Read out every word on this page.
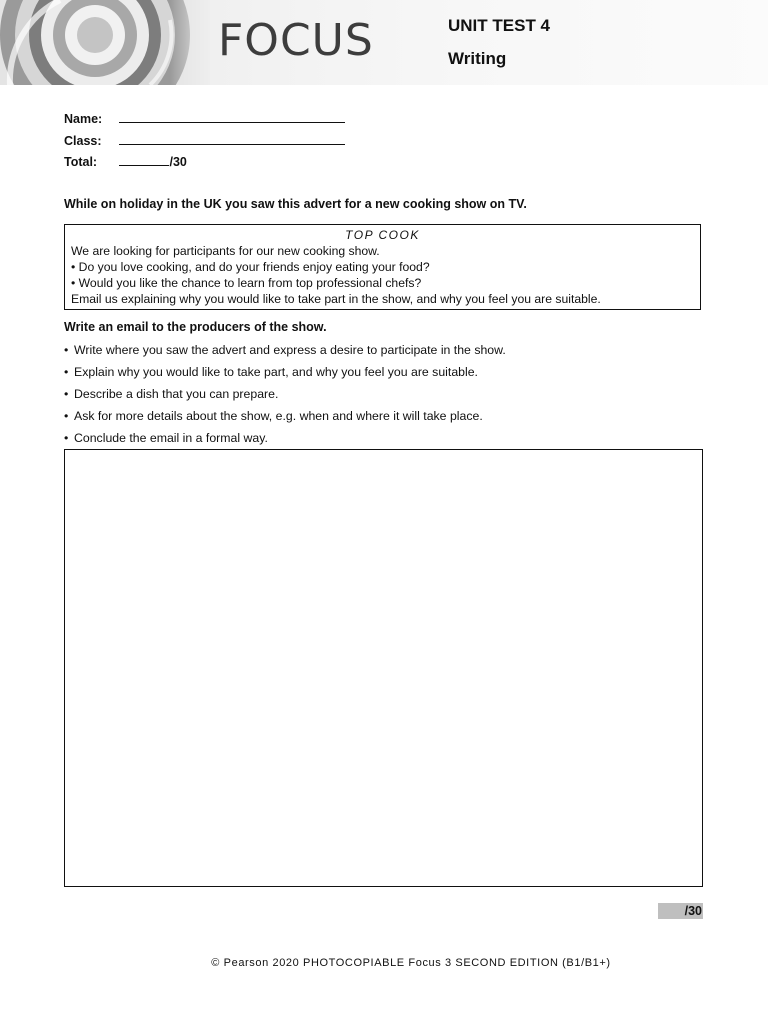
FOCUS	UNIT TEST 4
Writing
Name:
Class:
Total:	/30
While on holiday in the UK you saw this advert for a new cooking show on TV.
TOP COOK
We are looking for participants for our new cooking show.
• Do you love cooking, and do your friends enjoy eating your food?
• Would you like the chance to learn from top professional chefs?
Email us explaining why you would like to take part in the show, and why you feel you are suitable.
Write an email to the producers of the show.
• Write where you saw the advert and express a desire to participate in the show.
• Explain why you would like to take part, and why you feel you are suitable.
• Describe a dish that you can prepare.
• Ask for more details about the show, e.g. when and where it will take place.
• Conclude the email in a formal way.
/30
© Pearson 2020 PHOTOCOPIABLE Focus 3 SECOND EDITION (B1/B1+)
